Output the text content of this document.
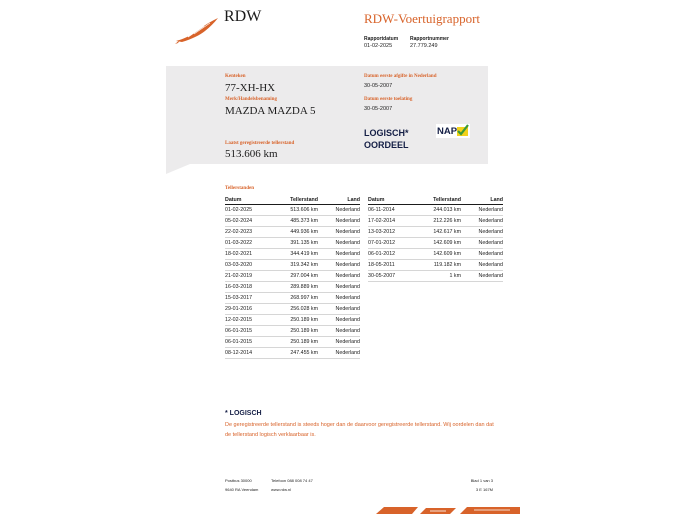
RDW	RDW-Voertuigrapport
Rapportdatum
01-02-2025
Rapportnummer
27.779.249
Kenteken
77-XH-HX
Merk/Handelsbenaming
MAZDA MAZDA 5
Laatst geregistreerde tellerstand
513.606 km
Datum eerste afgifte in Nederland
30-05-2007
Datum eerste toelating
30-05-2007
LOGISCH*
OORDEEL
NAP
Tellerstanden
Datum	Tellerstand	Land
01-02-2025	513.606 km	Nederland
05-02-2024	485.373 km	Nederland
22-02-2023	449.936 km	Nederland
01-03-2022	391.135 km	Nederland
18-02-2021	344.419 km	Nederland
03-03-2020	319.342 km	Nederland
21-02-2019	297.004 km	Nederland
16-03-2018	289.889 km	Nederland
15-03-2017	268.997 km	Nederland
29-01-2016	256.028 km	Nederland
12-02-2015	250.189 km	Nederland
06-01-2015	250.189 km	Nederland
06-01-2015	250.189 km	Nederland
08-12-2014	247.455 km	Nederland
Datum	Tellerstand	Land
06-11-2014	244.013 km	Nederland
17-02-2014	212.226 km	Nederland
13-03-2012	142.617 km	Nederland
07-01-2012	142.609 km	Nederland
06-01-2012	142.609 km	Nederland
18-05-2011	119.182 km	Nederland
30-05-2007	1 km	Nederland
* LOGISCH
De geregistreerde tellerstand is steeds hoger dan de daarvoor geregistreerde tellerstand. Wij oordelen dan dat de tellerstand logisch verklaarbaar is.
Postbus 30000
9640 RA Veendam
Telefoon 088 008 74 47
www.rdw.nl
Blad 1 van 3
3 E 167M
